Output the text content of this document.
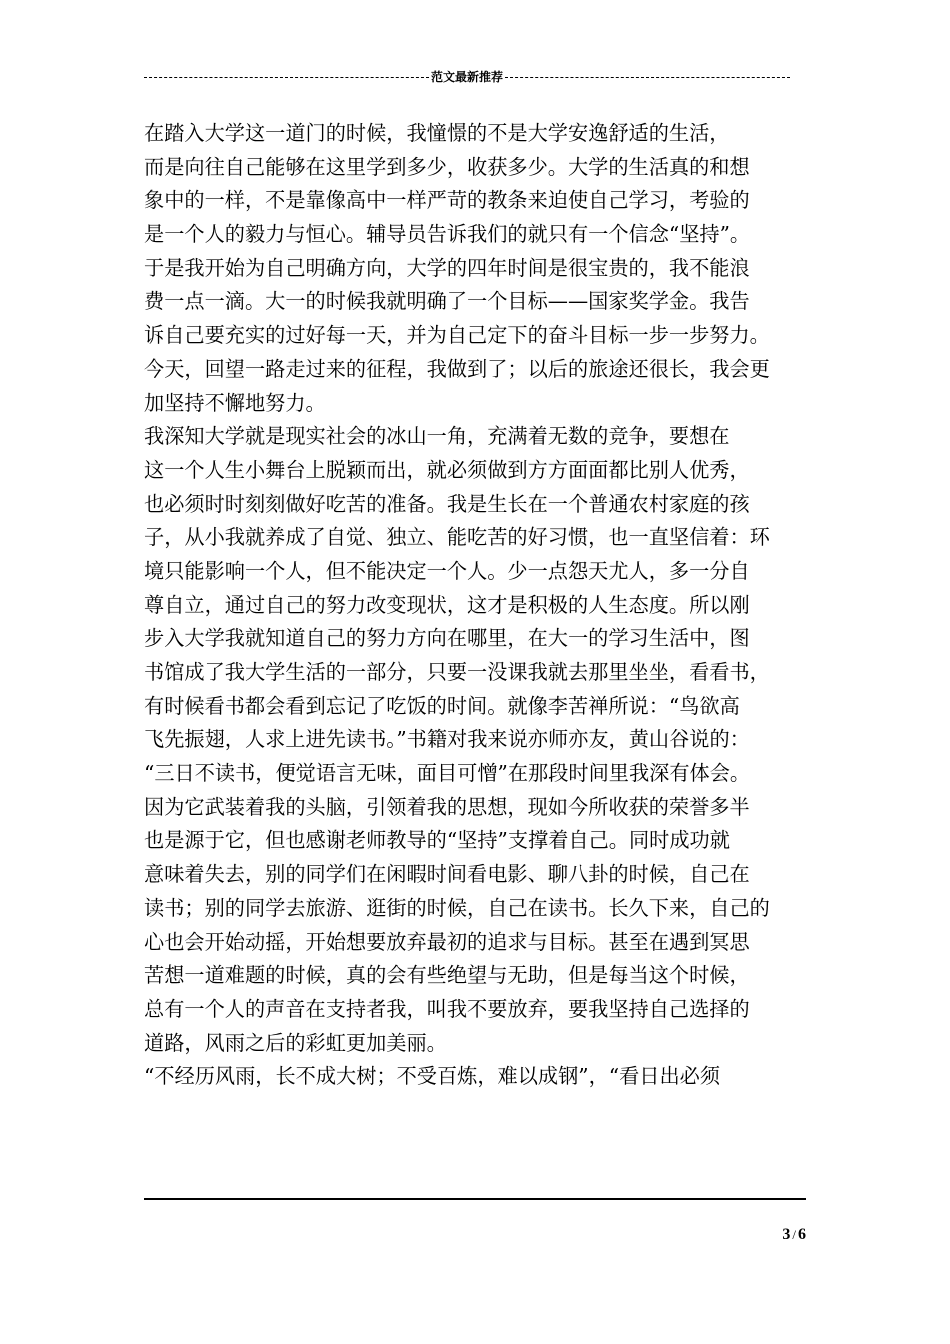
范文最新推荐
在踏入大学这一道门的时候，我憧憬的不是大学安逸舒适的生活，
而是向往自己能够在这里学到多少，收获多少。大学的生活真的和想
象中的一样，不是靠像高中一样严苛的教条来迫使自己学习，考验的
是一个人的毅力与恒心。辅导员告诉我们的就只有一个信念“坚持”。
于是我开始为自己明确方向，大学的四年时间是很宝贵的，我不能浪
费一点一滴。大一的时候我就明确了一个目标——国家奖学金。我告
诉自己要充实的过好每一天，并为自己定下的奋斗目标一步一步努力。
今天，回望一路走过来的征程，我做到了；以后的旅途还很长，我会更
加坚持不懈地努力。
我深知大学就是现实社会的冰山一角，充满着无数的竞争，要想在
这一个人生小舞台上脱颖而出，就必须做到方方面面都比别人优秀，
也必须时时刻刻做好吃苦的准备。我是生长在一个普通农村家庭的孩
子，从小我就养成了自觉、独立、能吃苦的好习惯，也一直坚信着：环
境只能影响一个人，但不能决定一个人。少一点怨天尤人，多一分自
尊自立，通过自己的努力改变现状，这才是积极的人生态度。所以刚
步入大学我就知道自己的努力方向在哪里，在大一的学习生活中，图
书馆成了我大学生活的一部分，只要一没课我就去那里坐坐，看看书，
有时候看书都会看到忘记了吃饭的时间。就像李苦禅所说：“鸟欲高
飞先振翅，人求上进先读书。”书籍对我来说亦师亦友，黄山谷说的：
“三日不读书，便觉语言无味，面目可憎”在那段时间里我深有体会。
因为它武装着我的头脑，引领着我的思想，现如今所收获的荣誉多半
也是源于它，但也感谢老师教导的“坚持”支撑着自己。同时成功就
意味着失去，别的同学们在闲暇时间看电影、聊八卦的时候，自己在
读书；别的同学去旅游、逛街的时候，自己在读书。长久下来，自己的
心也会开始动摇，开始想要放弃最初的追求与目标。甚至在遇到冥思
苦想一道难题的时候，真的会有些绝望与无助，但是每当这个时候，
总有一个人的声音在支持者我，叫我不要放弃，要我坚持自己选择的
道路，风雨之后的彩虹更加美丽。
“不经历风雨，长不成大树；不受百炼，难以成钢”，“看日出必须
3 / 6
